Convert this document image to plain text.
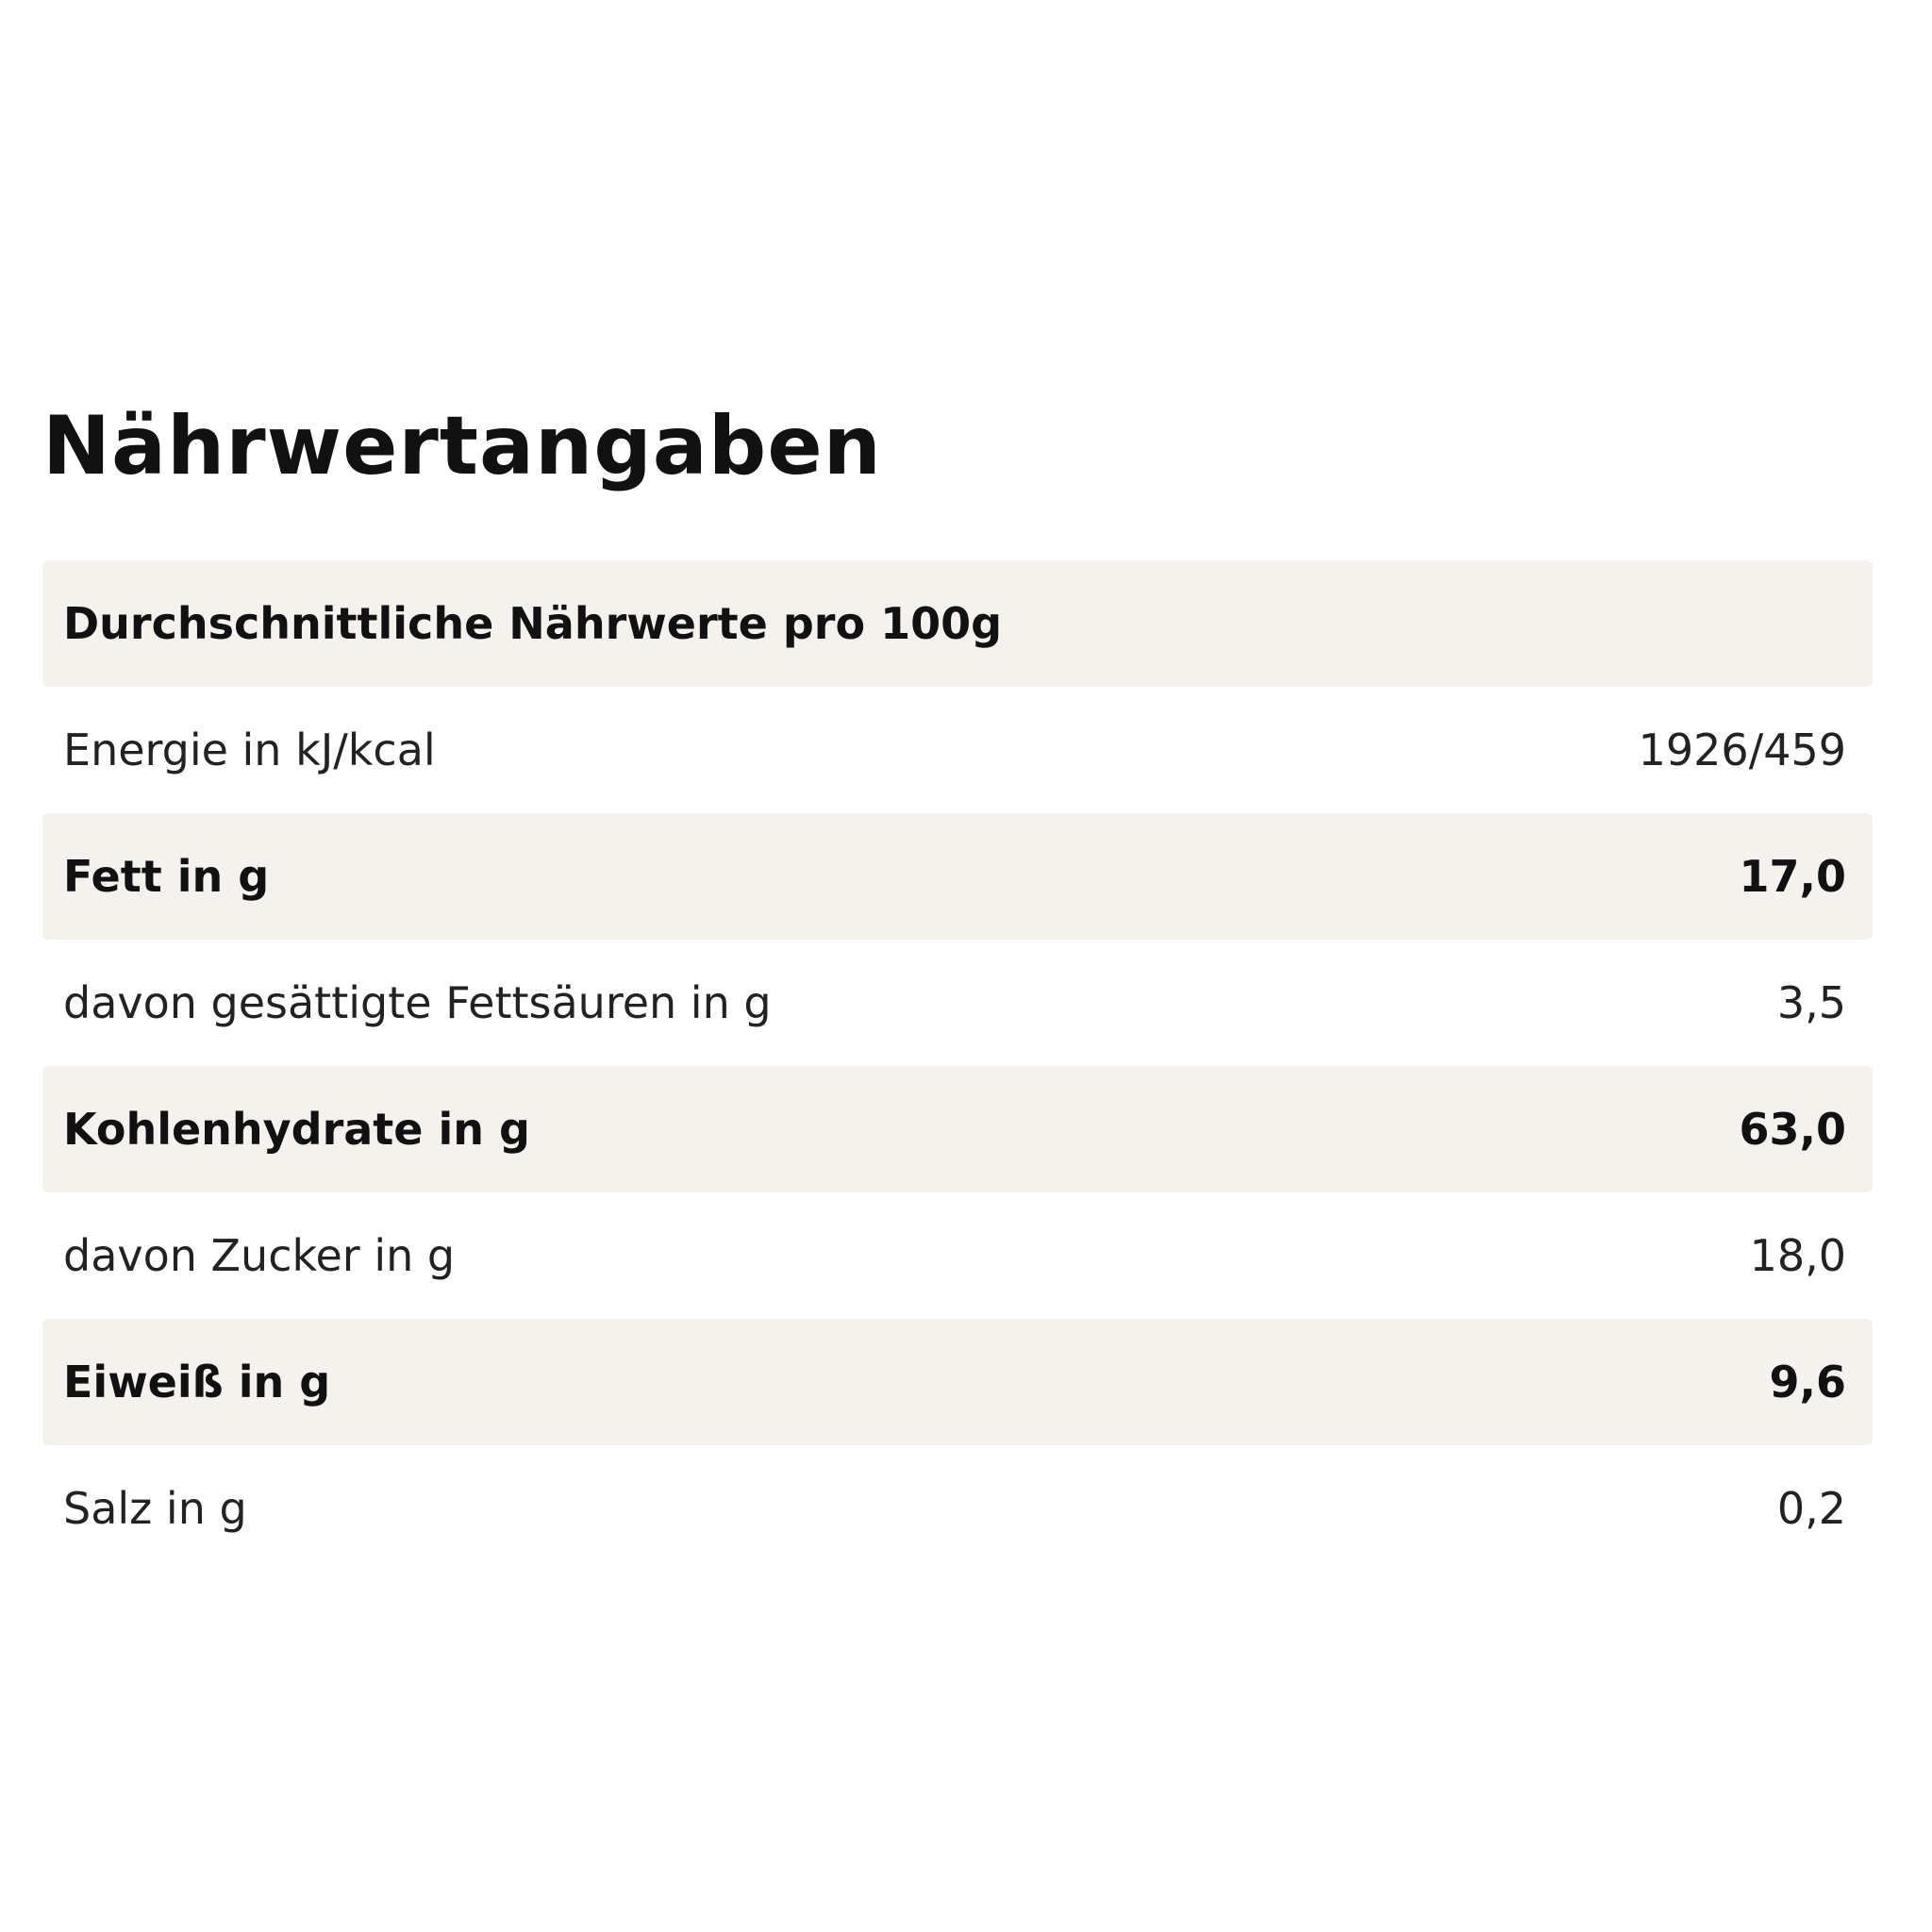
Nährwertangaben
Durchschnittliche Nährwerte pro 100g
Energie in kJ/kcal	1926/459
Fett in g	17,0
davon gesättigte Fettsäuren in g	3,5
Kohlenhydrate in g	63,0
davon Zucker in g	18,0
Eiweiß in g	9,6
Salz in g	0,2
